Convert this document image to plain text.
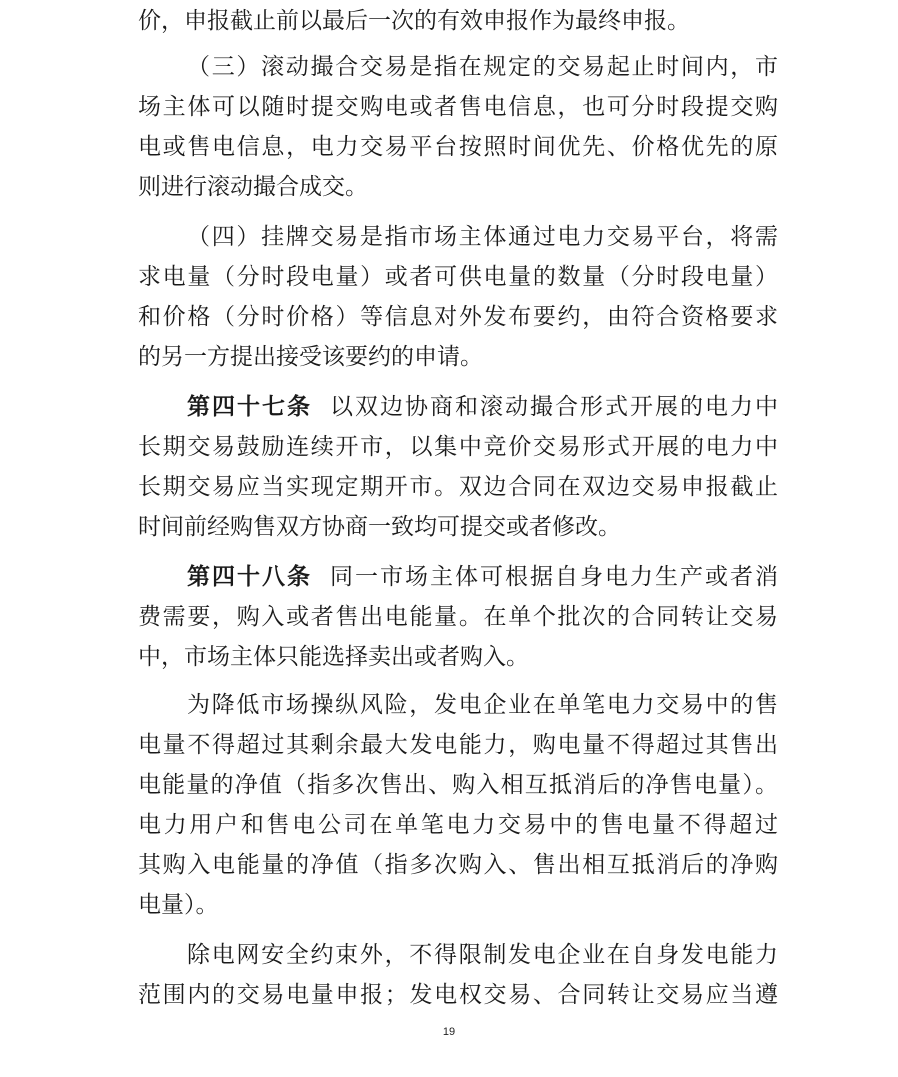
价，申报截止前以最后一次的有效申报作为最终申报。
（三）滚动撮合交易是指在规定的交易起止时间内，市
场主体可以随时提交购电或者售电信息，也可分时段提交购
电或售电信息，电力交易平台按照时间优先、价格优先的原
则进行滚动撮合成交。
（四）挂牌交易是指市场主体通过电力交易平台，将需
求电量（分时段电量）或者可供电量的数量（分时段电量）
和价格（分时价格）等信息对外发布要约，由符合资格要求
的另一方提出接受该要约的申请。
第四十七条 以双边协商和滚动撮合形式开展的电力中
长期交易鼓励连续开市，以集中竞价交易形式开展的电力中
长期交易应当实现定期开市。双边合同在双边交易申报截止
时间前经购售双方协商一致均可提交或者修改。
第四十八条 同一市场主体可根据自身电力生产或者消
费需要，购入或者售出电能量。在单个批次的合同转让交易
中，市场主体只能选择卖出或者购入。
为降低市场操纵风险，发电企业在单笔电力交易中的售
电量不得超过其剩余最大发电能力，购电量不得超过其售出
电能量的净值（指多次售出、购入相互抵消后的净售电量）。
电力用户和售电公司在单笔电力交易中的售电量不得超过
其购入电能量的净值（指多次购入、售出相互抵消后的净购
电量）。
除电网安全约束外，不得限制发电企业在自身发电能力
范围内的交易电量申报；发电权交易、合同转让交易应当遵
19
